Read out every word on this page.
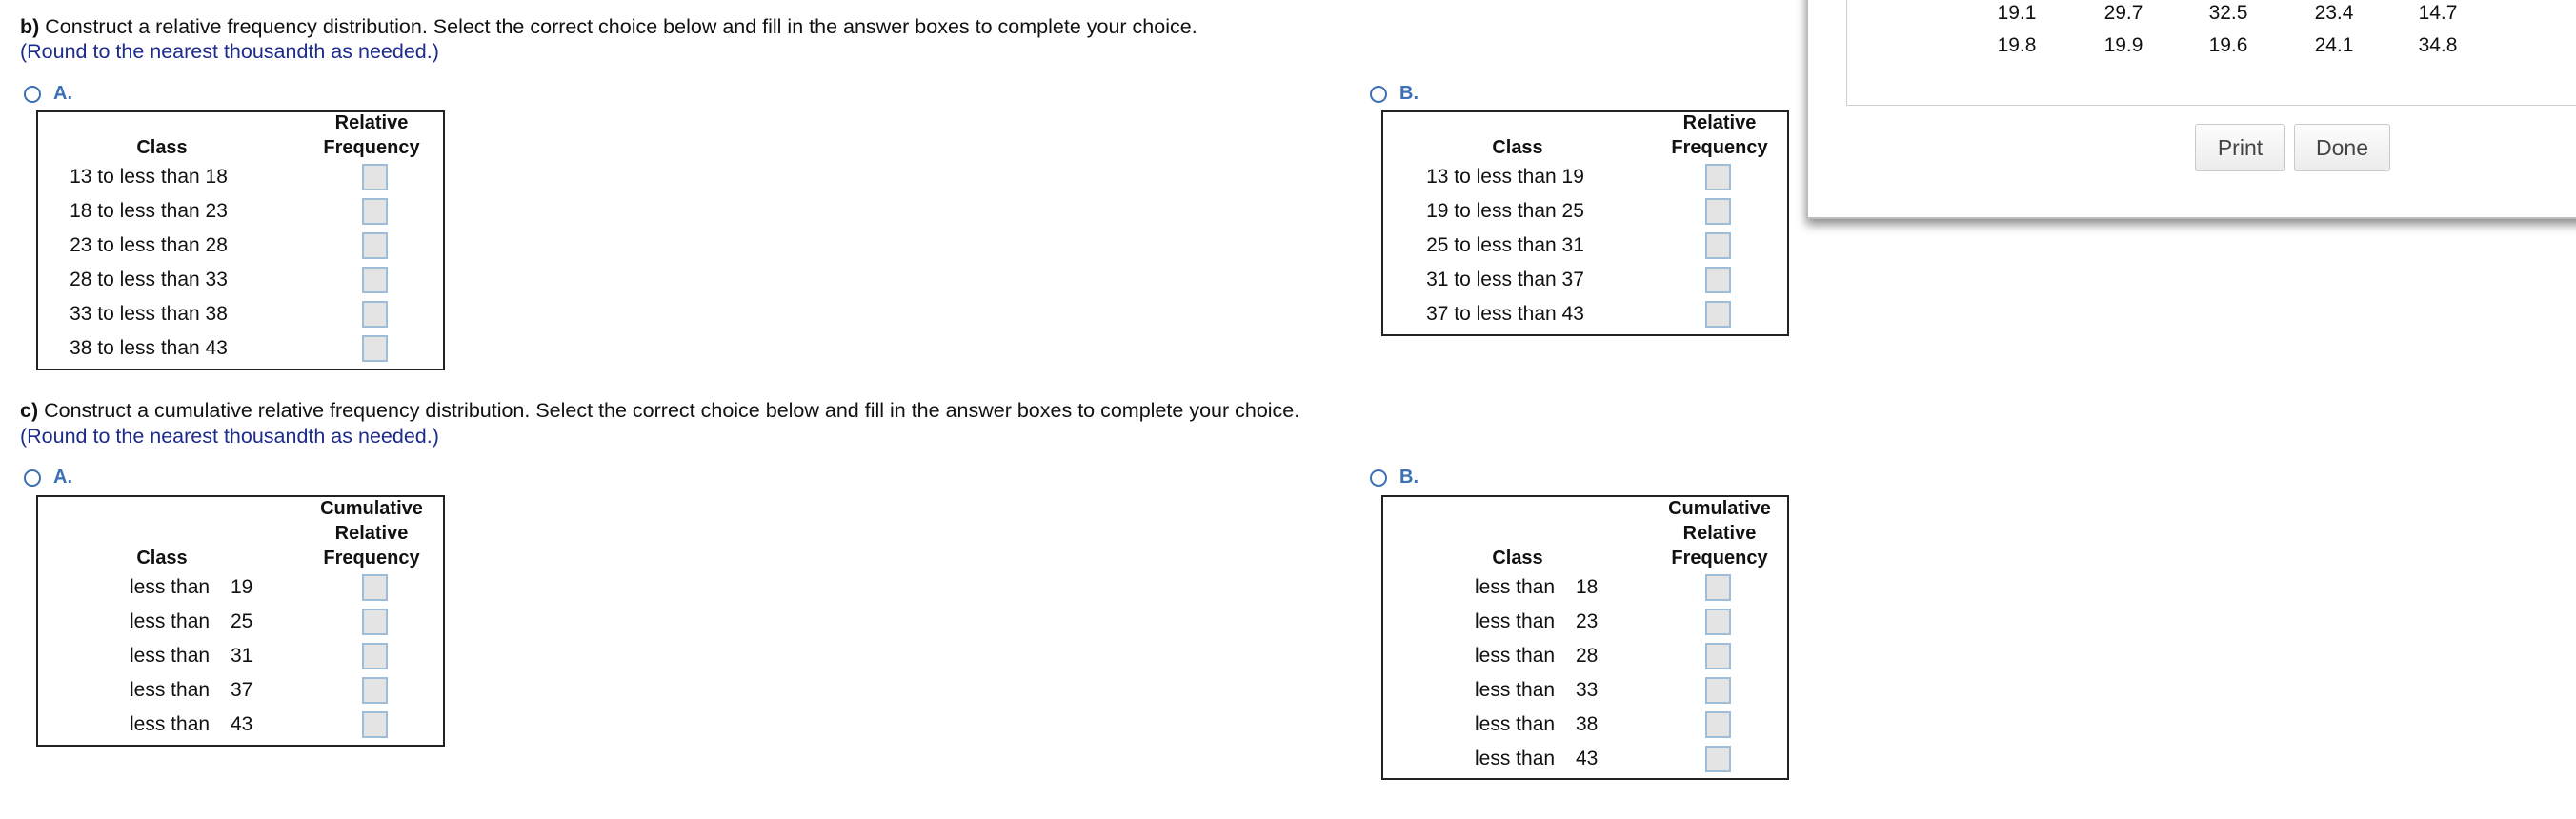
b) Construct a relative frequency distribution. Select the correct choice below and fill in the answer boxes to complete your choice.
(Round to the nearest thousandth as needed.)
A.
Class
Relative
Frequency
13 to less than 18
18 to less than 23
23 to less than 28
28 to less than 33
33 to less than 38
38 to less than 43
B.
Class
Relative
Frequency
13 to less than 19
19 to less than 25
25 to less than 31
31 to less than 37
37 to less than 43
c) Construct a cumulative relative frequency distribution. Select the correct choice below and fill in the answer boxes to complete your choice.
(Round to the nearest thousandth as needed.)
A.
Cumulative
Relative
Frequency
Class
less than 19
less than 25
less than 31
less than 37
less than 43
B.
Cumulative
Relative
Frequency
Class
less than 18
less than 23
less than 28
less than 33
less than 38
less than 43
19.1	29.7	32.5	23.4	14.7
19.8	19.9	19.6	24.1	34.8
Print	Done
